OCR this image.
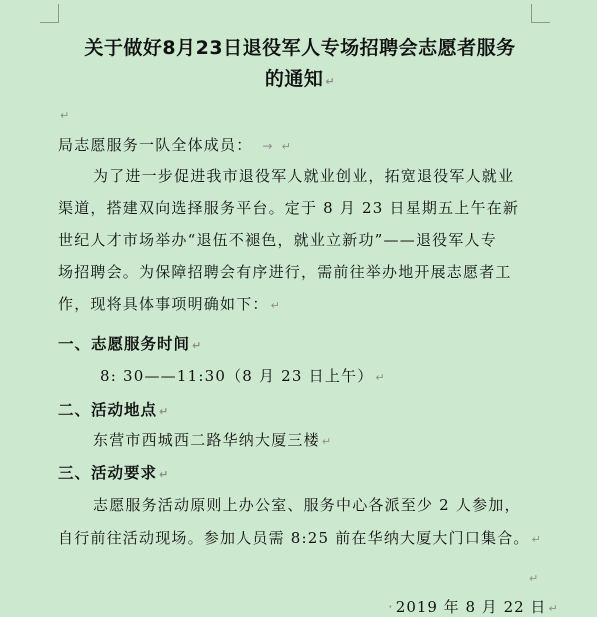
关于做好8月23日退役军人专场招聘会志愿者服务
的通知 ↵
↵
局志愿服务一队全体成员： → ↵
为了进一步促进我市退役军人就业创业，拓宽退役军人就业
渠道，搭建双向选择服务平台。定于 8 月 23 日星期五上午在新
世纪人才市场举办“退伍不褪色，就业立新功”——退役军人专
场招聘会。为保障招聘会有序进行，需前往举办地开展志愿者工
作，现将具体事项明确如下： ↵
一、志愿服务时间 ↵
8: 30——11:30（8 月 23 日上午） ↵
二、活动地点 ↵
东营市西城西二路华纳大厦三楼 ↵
三、活动要求 ↵
志愿服务活动原则上办公室、服务中心各派至少 2 人参加，
自行前往活动现场。参加人员需 8:25 前在华纳大厦大门口集合。 ↵
↵
· 2019 年 8 月 22 日 ↵
